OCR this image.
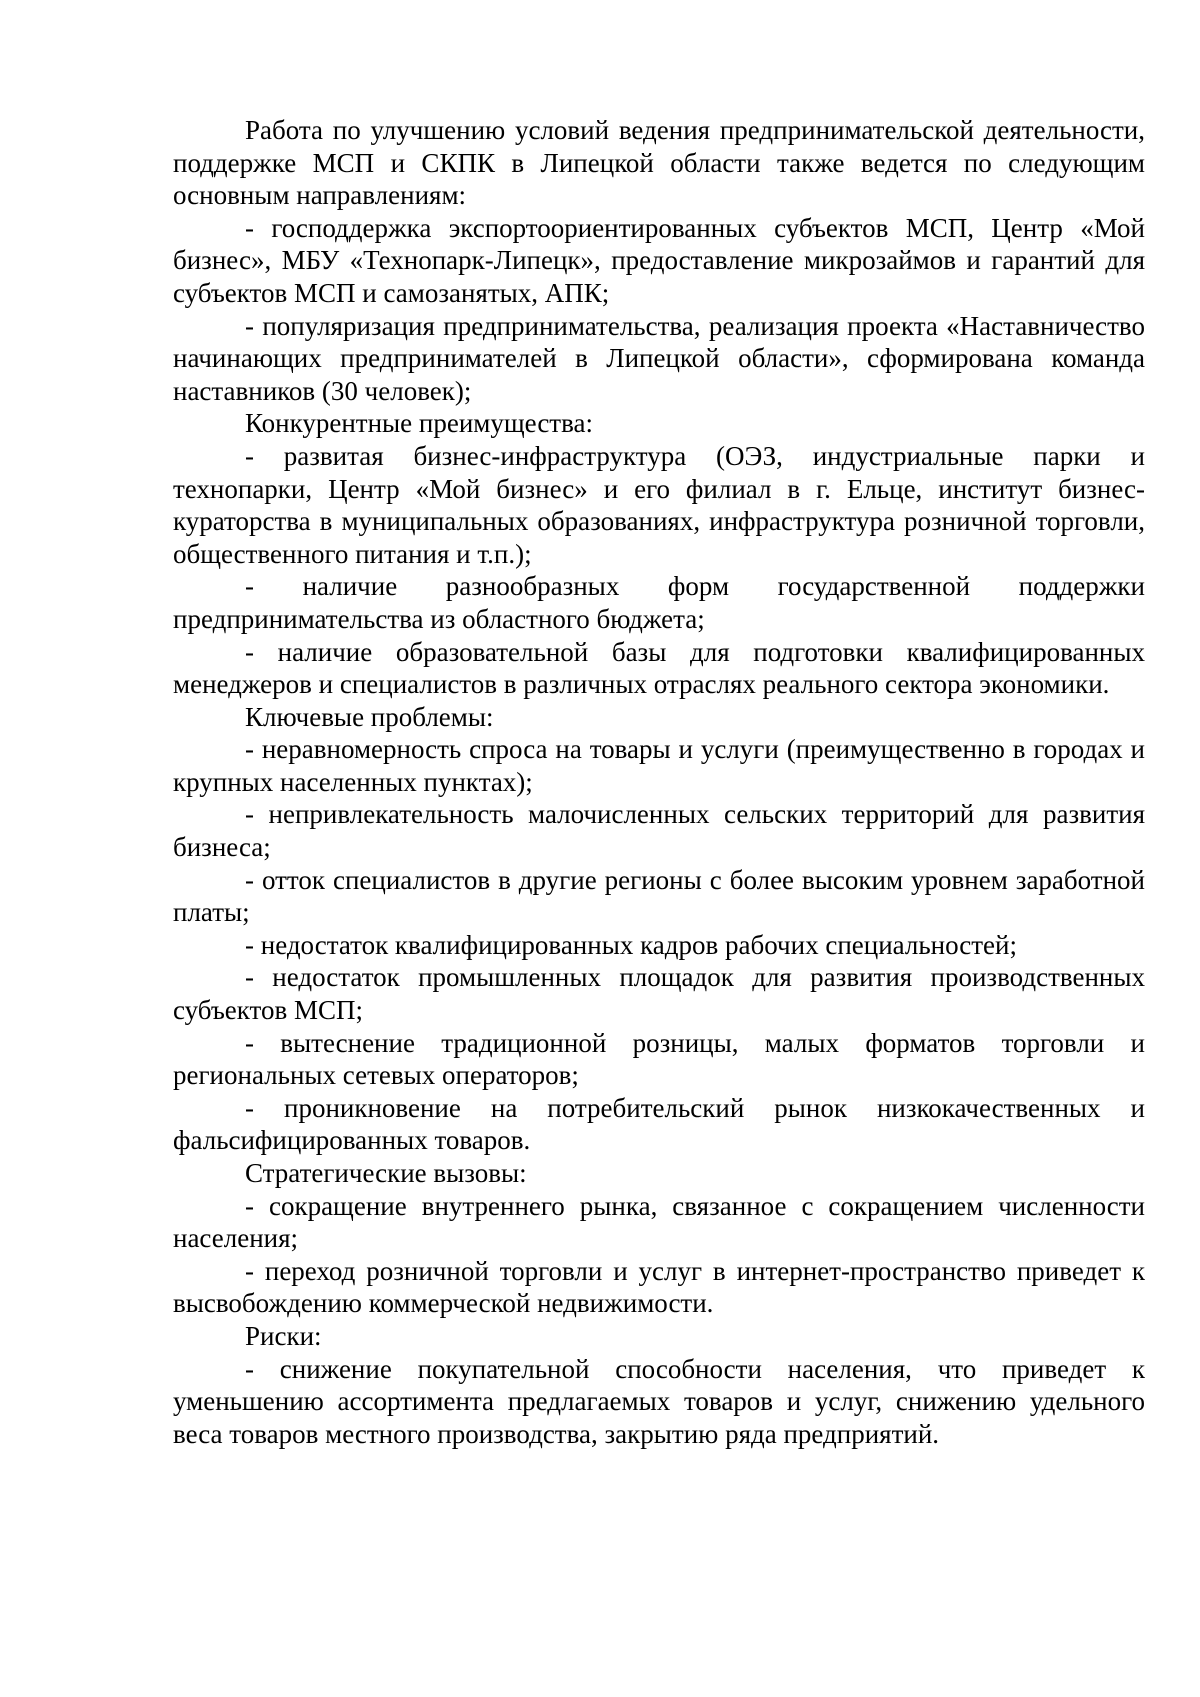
Работа по улучшению условий ведения предпринимательской деятельности, поддержке МСП и СКПК в Липецкой области также ведется по следующим основным направлениям:

- господдержка экспортоориентированных субъектов МСП, Центр «Мой бизнес», МБУ «Технопарк-Липецк», предоставление микрозаймов и гарантий для субъектов МСП и самозанятых, АПК;

- популяризация предпринимательства, реализация проекта «Наставничество начинающих предпринимателей в Липецкой области», сформирована команда наставников (30 человек);

Конкурентные преимущества:

- развитая бизнес-инфраструктура (ОЭЗ, индустриальные парки и технопарки, Центр «Мой бизнес» и его филиал в г. Ельце, институт бизнес-кураторства в муниципальных образованиях, инфраструктура розничной торговли, общественного питания и т.п.);

- наличие разнообразных форм государственной поддержки предпринимательства из областного бюджета;

- наличие образовательной базы для подготовки квалифицированных менеджеров и специалистов в различных отраслях реального сектора экономики.

Ключевые проблемы:

- неравномерность спроса на товары и услуги (преимущественно в городах и крупных населенных пунктах);

- непривлекательность малочисленных сельских территорий для развития бизнеса;

- отток специалистов в другие регионы с более высоким уровнем заработной платы;

- недостаток квалифицированных кадров рабочих специальностей;

- недостаток промышленных площадок для развития производственных субъектов МСП;

- вытеснение традиционной розницы, малых форматов торговли и региональных сетевых операторов;

- проникновение на потребительский рынок низкокачественных и фальсифицированных товаров.

Стратегические вызовы:

- сокращение внутреннего рынка, связанное с сокращением численности населения;

- переход розничной торговли и услуг в интернет-пространство приведет к высвобождению коммерческой недвижимости.

Риски:

- снижение покупательной способности населения, что приведет к уменьшению ассортимента предлагаемых товаров и услуг, снижению удельного веса товаров местного производства, закрытию ряда предприятий.
